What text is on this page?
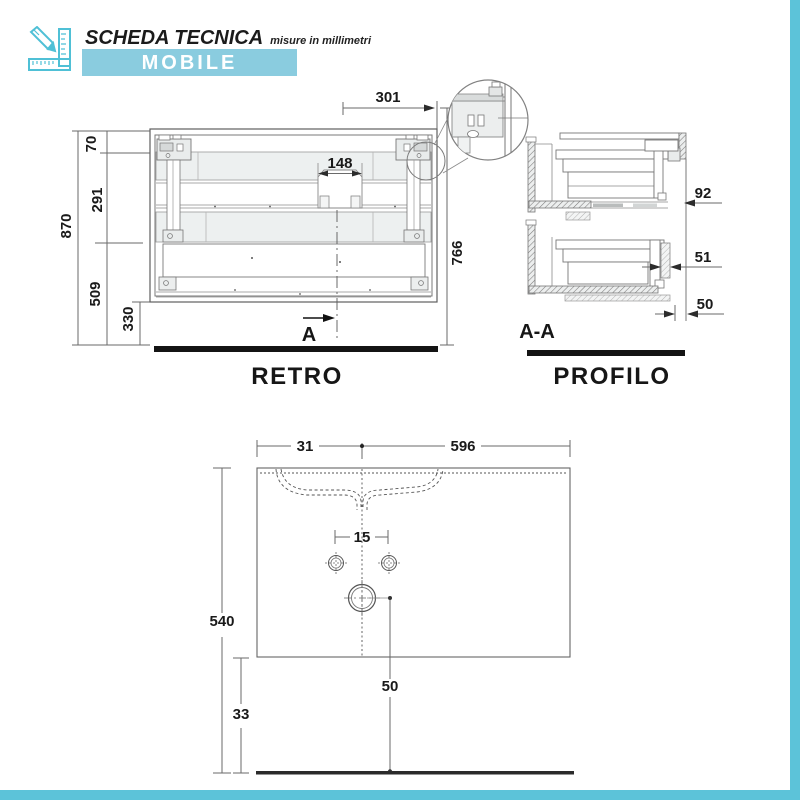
SCHEDA TECNICA misure in millimetri
MOBILE
870
70
291
509
330
766
301
148
A
RETRO
92
51
50
A-A
PROFILO
31	596
15
50
540
33
